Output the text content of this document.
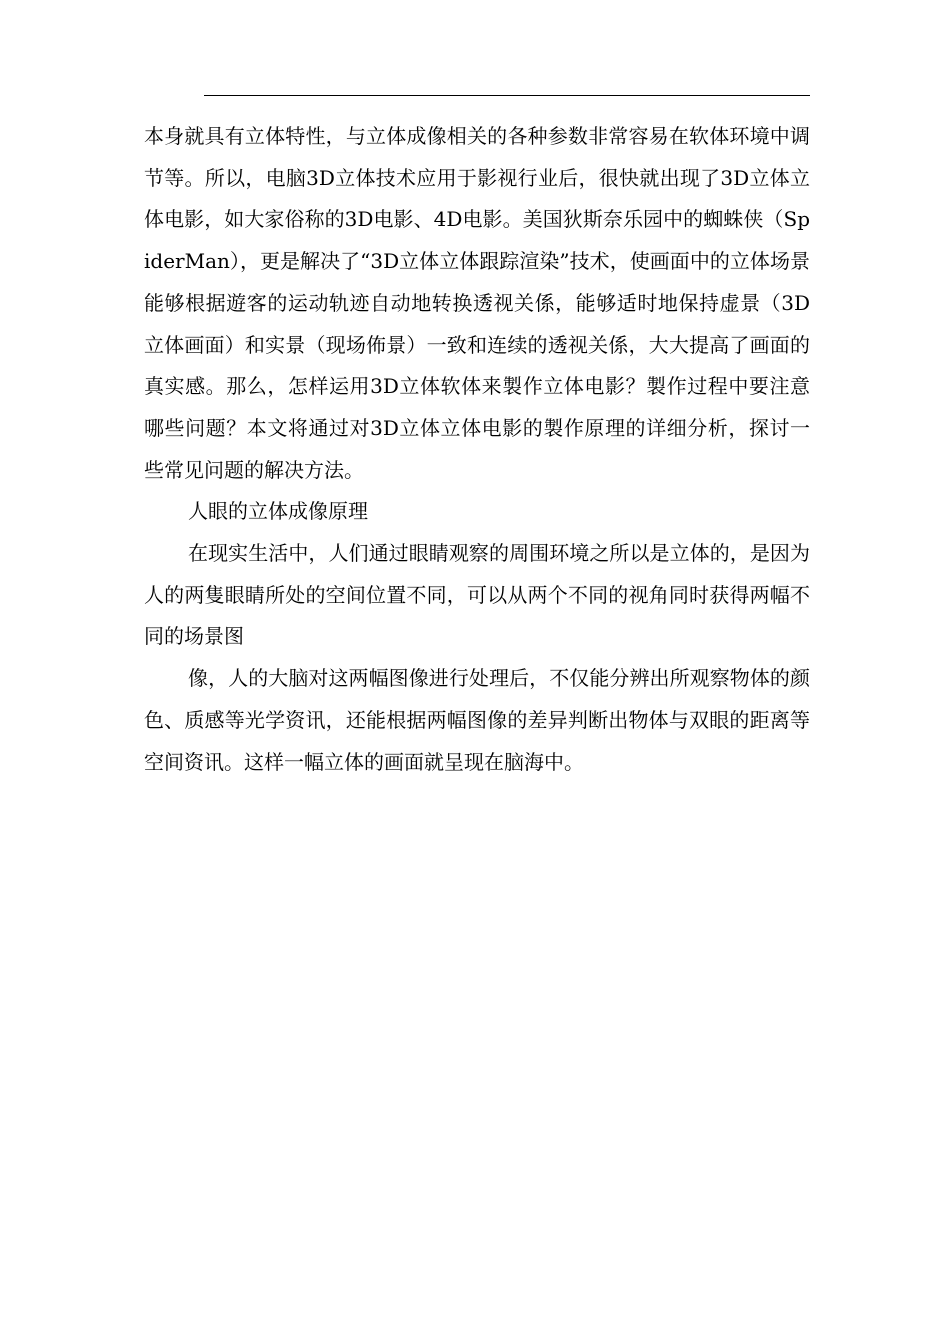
本身就具有立体特性，与立体成像相关的各种参数非常容易在软体环境中调节等。所以，电脑3D立体技术应用于影视行业后，很快就出现了3D立体立体电影，如大家俗称的3D电影、4D电影。美国狄斯奈乐园中的蜘蛛侠（SpiderMan），更是解决了“3D立体立体跟踪渲染”技术，使画面中的立体场景能够根据遊客的运动轨迹自动地转换透视关係，能够适时地保持虚景（3D立体画面）和实景（现场佈景）一致和连续的透视关係，大大提高了画面的真实感。那么，怎样运用3D立体软体来製作立体电影？製作过程中要注意哪些问题？本文将通过对3D立体立体电影的製作原理的详细分析，探讨一些常见问题的解决方法。

人眼的立体成像原理

在现实生活中，人们通过眼睛观察的周围环境之所以是立体的，是因为人的两隻眼睛所处的空间位置不同，可以从两个不同的视角同时获得两幅不同的场景图

像，人的大脑对这两幅图像进行处理后，不仅能分辨出所观察物体的颜色、质感等光学资讯，还能根据两幅图像的差异判断出物体与双眼的距离等空间资讯。这样一幅立体的画面就呈现在脑海中。
